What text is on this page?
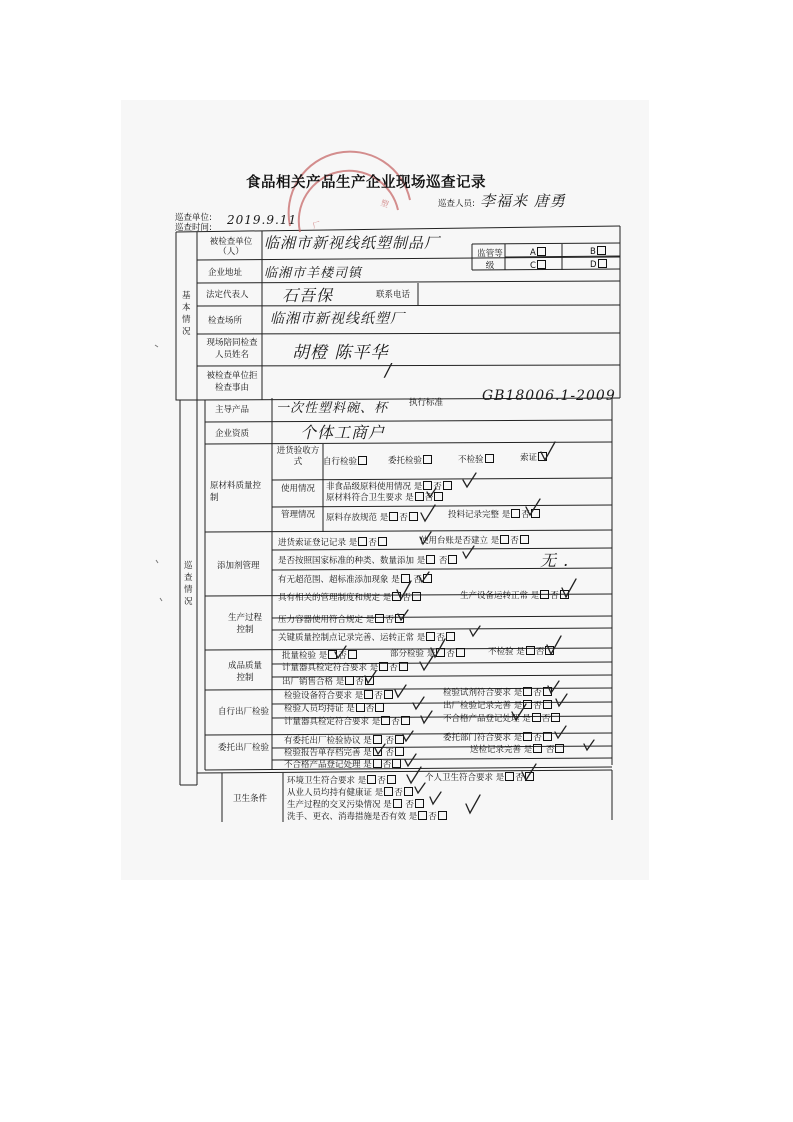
厂
塑
食品相关产品生产企业现场巡查记录
巡查人员: 李福来 唐勇
巡查单位:
巡查时间:
2019.9.11
基本情况
巡查情况
被检查单位（人）	临湘市新视线纸塑制品厂
企业地址 临湘市羊楼司镇
监管等级
A	B
C	D
法定代表人 石吾保	联系电话
检查场所 临湘市新视线纸塑厂
现场陪同检查人员姓名	胡橙 陈平华
被检查单位拒检查事由
/
主导产品 一次性塑料碗、杯 执行标准	GB18006.1-2009
企业资质	个体工商户
原材料质量控制
进货验收方式	自行检验	委托检验	不检验	索证
使用情况	非食品级原料使用情况 是 否
原材料符合卫生要求 是 否
管理情况	原料存放规范 是 否	投料记录完整 是 否
添加剂管理
进货索证登记记录 是 否	使用台账是否建立 是 否
是否按照国家标准的种类、数量添加 是 否	无 .
有无超范围、超标准添加现象 是 否
生产过程控制
具有相关的管理制度和规定 是 否	生产设备运转正常 是 否
压力容器使用符合规定 是 否
关键质量控制点记录完善、运转正常 是 否
成品质量控制
批量检验 是 否	部分检验 是 否	不检验 是 否
计量器具检定符合要求 是 否
出厂销售合格 是 否
自行出厂检验
检验设备符合要求 是 否	检验试剂符合要求 是 否
检验人员均持证 是 否	出厂检验记录完善 是 否
计量器具检定符合要求 是 否	不合格产品登记处理 是 否
委托出厂检验
有委托出厂检验协议 是 否	委托部门符合要求 是 否
检验报告单存档完善 是 否	送检记录完善 是 否
不合格产品登记处理 是 否
卫生条件
环境卫生符合要求 是 否	个人卫生符合要求 是 否
从业人员均持有健康证 是 否
生产过程的交叉污染情况 是 否
洗手、更衣、消毒措施是否有效 是 否
